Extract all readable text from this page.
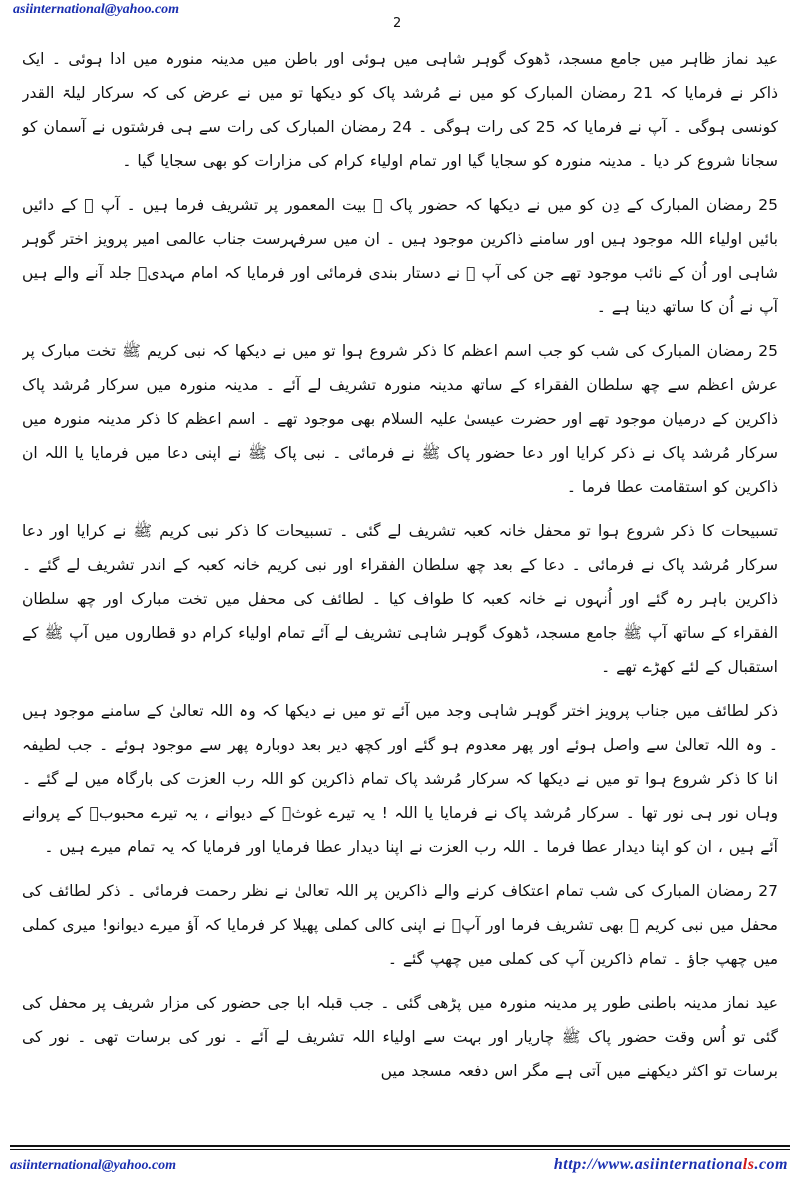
asiinternational@yahoo.com
2

عید نماز ظاہر میں جامع مسجد، ڈھوک گوہر شاہی میں ہوئی اور باطن میں مدینہ منورہ میں ادا ہوئی ۔ ایک ذاکر نے فرمایا کہ 21 رمضان المبارک کو میں نے مُرشد پاک کو دیکھا تو میں نے عرض کی کہ سرکار لیلۃ القدر کونسی ہوگی ۔ آپ نے فرمایا کہ 25 کی رات ہوگی ۔ 24 رمضان المبارک کی رات سے ہی فرشتوں نے آسمان کو سجانا شروع کر دیا ۔ مدینہ منورہ کو سجایا گیا اور تمام اولیاء کرام کی مزارات کو بھی سجایا گیا ۔

25 رمضان المبارک کے دِن کو میں نے دیکھا کہ حضور پاک ﷺ بیت المعمور پر تشریف فرما ہیں ۔ آپ ﷺ کے دائیں بائیں اولیاء اللہ موجود ہیں اور سامنے ذاکرین موجود ہیں ۔ ان میں سرفہرست جناب عالمی امیر پرویز اختر گوہر شاہی اور اُن کے نائب موجود تھے جن کی آپ ﷺ نے دستار بندی فرمائی اور فرمایا کہ امام مہدیؑ جلد آنے والے ہیں آپ نے اُن کا ساتھ دینا ہے ۔

25 رمضان المبارک کی شب کو جب اسم اعظم کا ذکر شروع ہوا تو میں نے دیکھا کہ نبی کریم ﷺ تخت مبارک پر عرش اعظم سے چھ سلطان الفقراء کے ساتھ مدینہ منورہ تشریف لے آئے ۔ مدینہ منورہ میں سرکار مُرشد پاک ذاکرین کے درمیان موجود تھے اور حضرت عیسیٰ علیہ السلام بھی موجود تھے ۔ اسم اعظم کا ذکر مدینہ منورہ میں سرکار مُرشد پاک نے ذکر کرایا اور دعا حضور پاک ﷺ نے فرمائی ۔ نبی پاک ﷺ نے اپنی دعا میں فرمایا یا اللہ ان ذاکرین کو استقامت عطا فرما ۔

تسبیحات کا ذکر شروع ہوا تو محفل خانہ کعبہ تشریف لے گئی ۔ تسبیحات کا ذکر نبی کریم ﷺ نے کرایا اور دعا سرکار مُرشد پاک نے فرمائی ۔ دعا کے بعد چھ سلطان الفقراء اور نبی کریم خانہ کعبہ کے اندر تشریف لے گئے ۔ ذاکرین باہر رہ گئے اور اُنہوں نے خانہ کعبہ کا طواف کیا ۔ لطائف کی محفل میں تخت مبارک اور چھ سلطان الفقراء کے ساتھ آپ ﷺ جامع مسجد، ڈھوک گوہر شاہی تشریف لے آئے تمام اولیاء کرام دو قطاروں میں آپ ﷺ کے استقبال کے لئے کھڑے تھے ۔

ذکر لطائف میں جناب پرویز اختر گوہر شاہی وجد میں آئے تو میں نے دیکھا کہ وہ اللہ تعالیٰ کے سامنے موجود ہیں ۔ وہ اللہ تعالیٰ سے واصل ہوئے اور پھر معدوم ہو گئے اور کچھ دیر بعد دوبارہ پھر سے موجود ہوئے ۔ جب لطیفہ انا کا ذکر شروع ہوا تو میں نے دیکھا کہ سرکار مُرشد پاک تمام ذاکرین کو اللہ رب العزت کی بارگاہ میں لے گئے ۔ وہاں نور ہی نور تھا ۔ سرکار مُرشد پاک نے فرمایا یا اللہ ! یہ تیرے غوثؒ کے دیوانے ، یہ تیرے محبوبؐ کے پروانے آئے ہیں ، ان کو اپنا دیدار عطا فرما ۔ اللہ رب العزت نے اپنا دیدار عطا فرمایا اور فرمایا کہ یہ تمام میرے ہیں ۔

27 رمضان المبارک کی شب تمام اعتکاف کرنے والے ذاکرین پر اللہ تعالیٰ نے نظر رحمت فرمائی ۔ ذکر لطائف کی محفل میں نبی کریم ﷺ بھی تشریف فرما اور آپؐ نے اپنی کالی کملی پھیلا کر فرمایا کہ آؤ میرے دیوانو! میری کملی میں چھپ جاؤ ۔ تمام ذاکرین آپ کی کملی میں چھپ گئے ۔

عید نماز مدینہ باطنی طور پر مدینہ منورہ میں پڑھی گئی ۔ جب قبلہ ابا جی حضور کی مزار شریف پر محفل کی گئی تو اُس وقت حضور پاک ﷺ چاریار اور بہت سے اولیاء اللہ تشریف لے آئے ۔ نور کی برسات تھی ۔ نور کی برسات تو اکثر دیکھنے میں آتی ہے مگر اس دفعہ مسجد میں

asiinternational@yahoo.com	http://www.asiinternationals.com
